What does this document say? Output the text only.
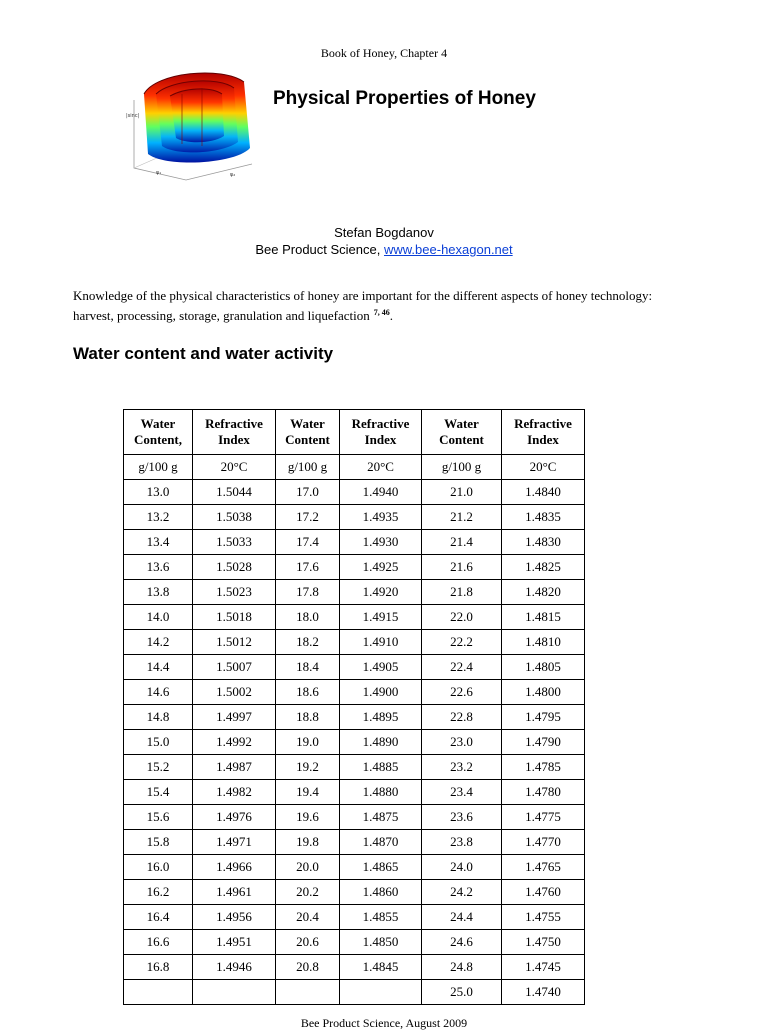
Book of Honey, Chapter 4
|sinc|
ψ₁	ψ₂
Physical Properties of Honey
Stefan Bogdanov
Bee Product Science, www.bee-hexagon.net

Knowledge of the physical characteristics of honey are important for the different aspects of honey technology: harvest, processing, storage, granulation and liquefaction $^{7, 46}$.

Water content and water activity
Water Content,	Refractive Index	Water Content	Refractive Index	Water Content	Refractive Index
g/100 g	20°C	g/100 g	20°C	g/100 g	20°C
13.0	1.5044	17.0	1.4940	21.0	1.4840
13.2	1.5038	17.2	1.4935	21.2	1.4835
13.4	1.5033	17.4	1.4930	21.4	1.4830
13.6	1.5028	17.6	1.4925	21.6	1.4825
13.8	1.5023	17.8	1.4920	21.8	1.4820
14.0	1.5018	18.0	1.4915	22.0	1.4815
14.2	1.5012	18.2	1.4910	22.2	1.4810
14.4	1.5007	18.4	1.4905	22.4	1.4805
14.6	1.5002	18.6	1.4900	22.6	1.4800
14.8	1.4997	18.8	1.4895	22.8	1.4795
15.0	1.4992	19.0	1.4890	23.0	1.4790
15.2	1.4987	19.2	1.4885	23.2	1.4785
15.4	1.4982	19.4	1.4880	23.4	1.4780
15.6	1.4976	19.6	1.4875	23.6	1.4775
15.8	1.4971	19.8	1.4870	23.8	1.4770
16.0	1.4966	20.0	1.4865	24.0	1.4765
16.2	1.4961	20.2	1.4860	24.2	1.4760
16.4	1.4956	20.4	1.4855	24.4	1.4755
16.6	1.4951	20.6	1.4850	24.6	1.4750
16.8	1.4946	20.8	1.4845	24.8	1.4745
				25.0	1.4740
Bee Product Science, August 2009
